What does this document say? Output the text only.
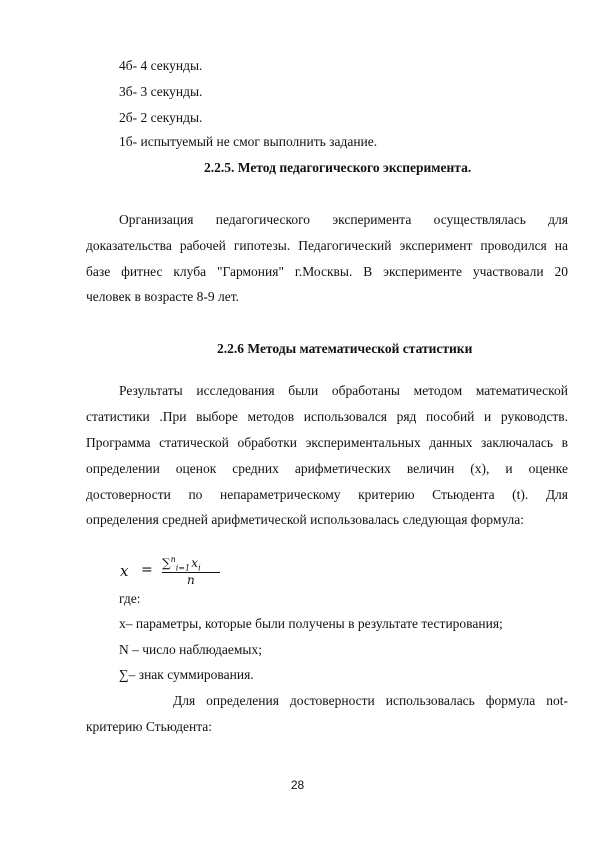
4б- 4 секунды.
3б- 3 секунды.
2б- 2 секунды.
1б- испытуемый не смог выполнить задание.
2.2.5. Метод педагогического эксперимента.
Организация педагогического эксперимента осуществлялась для
доказательства рабочей гипотезы. Педагогический эксперимент проводился на
базе фитнес клуба "Гармония" г.Москвы. В эксперименте участвовали 20
человек в возрасте 8-9 лет.
2.2.6 Методы математической статистики
Результаты исследования были обработаны методом математической
статистики .При выборе методов использовался ряд пособий и руководств.
Программа статической обработки экспериментальных данных заключалась в
определении оценок средних арифметических величин (х), и оценке
достоверности по непараметрическому критерию Стьюдента (t). Для
определения средней арифметической использовалась следующая формула:
x = ∑$^n_{i=1}$ $x_i$
n
где:
х– параметры, которые были получены в результате тестирования;
N – число наблюдаемых;
∑– знак суммирования.
Для определения достоверности использовалась формула not-
критерию Стьюдента:
28
